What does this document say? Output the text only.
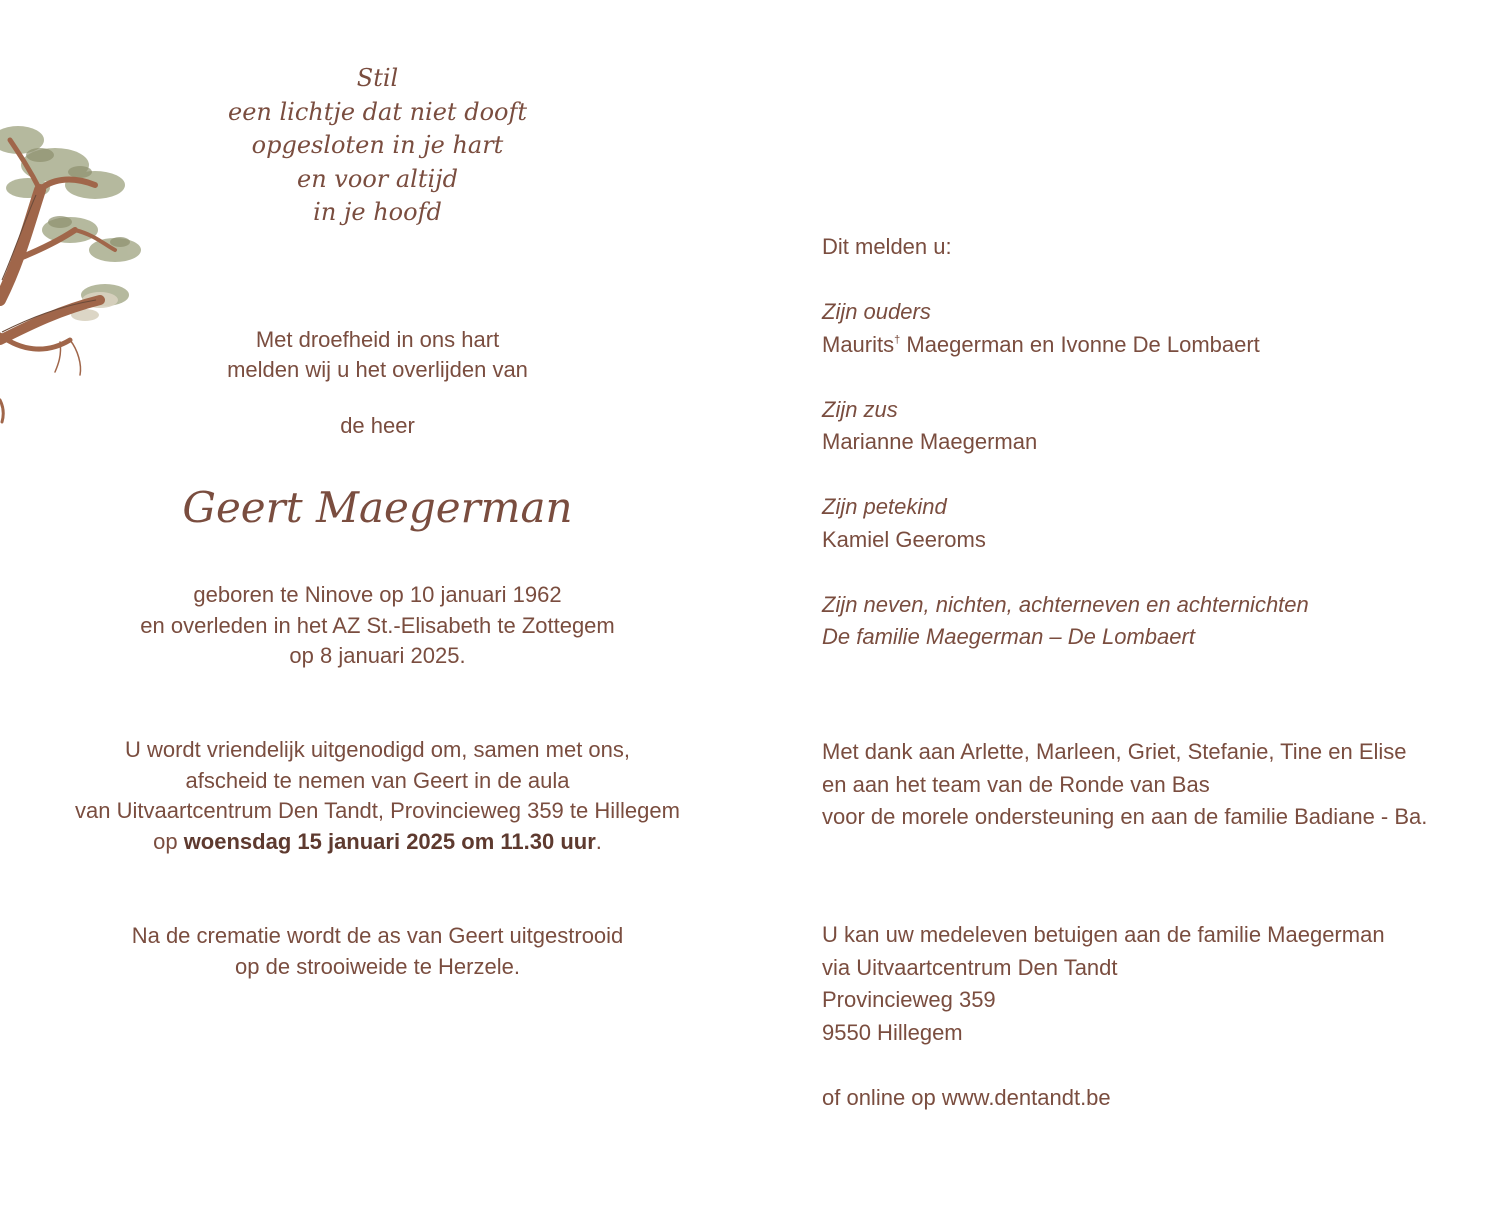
Stil
een lichtje dat niet dooft
opgesloten in je hart
en voor altijd
in je hoofd
Met droefheid in ons hart
melden wij u het overlijden van
de heer
Geert Maegerman
geboren te Ninove op 10 januari 1962
en overleden in het AZ St.-Elisabeth te Zottegem
op 8 januari 2025.
U wordt vriendelijk uitgenodigd om, samen met ons,
afscheid te nemen van Geert in de aula
van Uitvaartcentrum Den Tandt, Provincieweg 359 te Hillegem
op woensdag 15 januari 2025 om 11.30 uur.
Na de crematie wordt de as van Geert uitgestrooid
op de strooiweide te Herzele.
Dit melden u:
Zijn ouders
Maurits† Maegerman en Ivonne De Lombaert
Zijn zus
Marianne Maegerman
Zijn petekind
Kamiel Geeroms
Zijn neven, nichten, achterneven en achternichten
De familie Maegerman – De Lombaert
Met dank aan Arlette, Marleen, Griet, Stefanie, Tine en Elise
en aan het team van de Ronde van Bas
voor de morele ondersteuning en aan de familie Badiane - Ba.
U kan uw medeleven betuigen aan de familie Maegerman
via Uitvaartcentrum Den Tandt
Provincieweg 359
9550 Hillegem
of online op www.dentandt.be
